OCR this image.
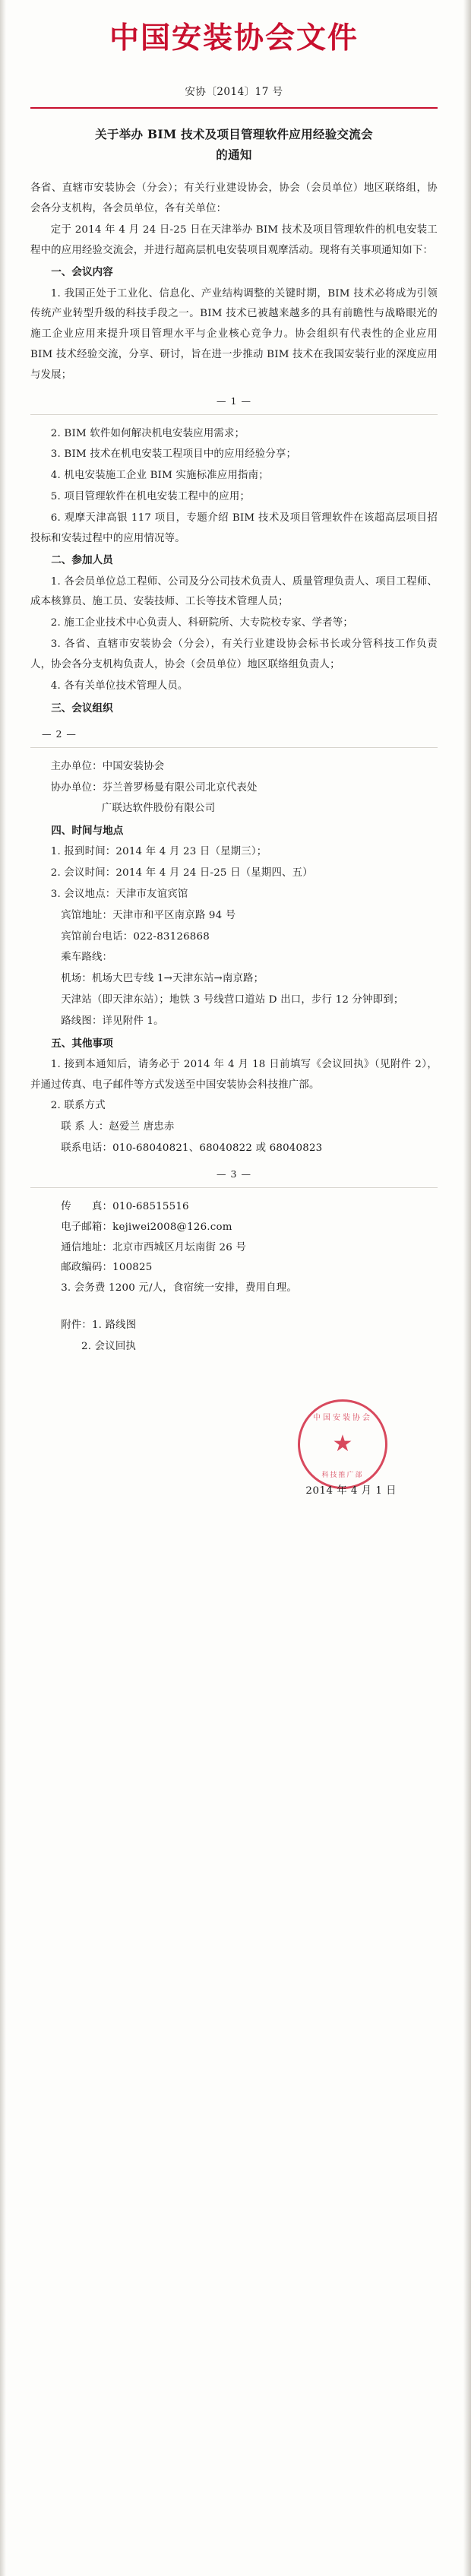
中国安装协会文件
安协〔2014〕17 号
关于举办 BIM 技术及项目管理软件应用经验交流会
的通知

各省、直辖市安装协会（分会）；有关行业建设协会，协会（会员单位）地区联络组，协会各分支机构，各会员单位，各有关单位：

定于 2014 年 4 月 24 日-25 日在天津举办 BIM 技术及项目管理软件的机电安装工程中的应用经验交流会，并进行超高层机电安装项目观摩活动。现将有关事项通知如下：

一、会议内容

1. 我国正处于工业化、信息化、产业结构调整的关键时期，BIM 技术必将成为引领传统产业转型升级的科技手段之一。BIM 技术已被越来越多的具有前瞻性与战略眼光的施工企业应用来提升项目管理水平与企业核心竞争力。协会组织有代表性的企业应用 BIM 技术经验交流，分享、研讨，旨在进一步推动 BIM 技术在我国安装行业的深度应用与发展；

— 1 —

2. BIM 软件如何解决机电安装应用需求；

3. BIM 技术在机电安装工程项目中的应用经验分享；

4. 机电安装施工企业 BIM 实施标准应用指南；

5. 项目管理软件在机电安装工程中的应用；

6. 观摩天津高银 117 项目，专题介绍 BIM 技术及项目管理软件在该超高层项目招投标和安装过程中的应用情况等。

二、参加人员

1. 各会员单位总工程师、公司及分公司技术负责人、质量管理负责人、项目工程师、成本核算员、施工员、安装技师、工长等技术管理人员；

2. 施工企业技术中心负责人、科研院所、大专院校专家、学者等；

3. 各省、直辖市安装协会（分会），有关行业建设协会标书长或分管科技工作负责人，协会各分支机构负责人，协会（会员单位）地区联络组负责人；

4. 各有关单位技术管理人员。

三、会议组织
— 2 —

主办单位：中国安装协会

协办单位：芬兰普罗杨曼有限公司北京代表处

广联达软件股份有限公司

四、时间与地点

1. 报到时间：2014 年 4 月 23 日（星期三）；

2. 会议时间：2014 年 4 月 24 日-25 日（星期四、五）

3. 会议地点：天津市友谊宾馆

宾馆地址：天津市和平区南京路 94 号

宾馆前台电话：022-83126868

乘车路线：

机场：机场大巴专线 1→天津东站→南京路；

天津站（即天津东站）；地铁 3 号线营口道站 D 出口，步行 12 分钟即到；

路线图：详见附件 1。

五、其他事项

1. 接到本通知后，请务必于 2014 年 4 月 18 日前填写《会议回执》（见附件 2），并通过传真、电子邮件等方式发送至中国安装协会科技推广部。

2. 联系方式

联 系 人：赵爱兰 唐忠赤

联系电话：010-68040821、68040822 或 68040823

— 3 —

传　　真：010-68515516

电子邮箱：kejiwei2008@126.com

通信地址：北京市西城区月坛南街 26 号

邮政编码：100825

3. 会务费 1200 元/人，食宿统一安排，费用自理。

附件：1. 路线图

2. 会议回执

中国安装协会
★
科技推广部
2014 年 4 月 1 日
